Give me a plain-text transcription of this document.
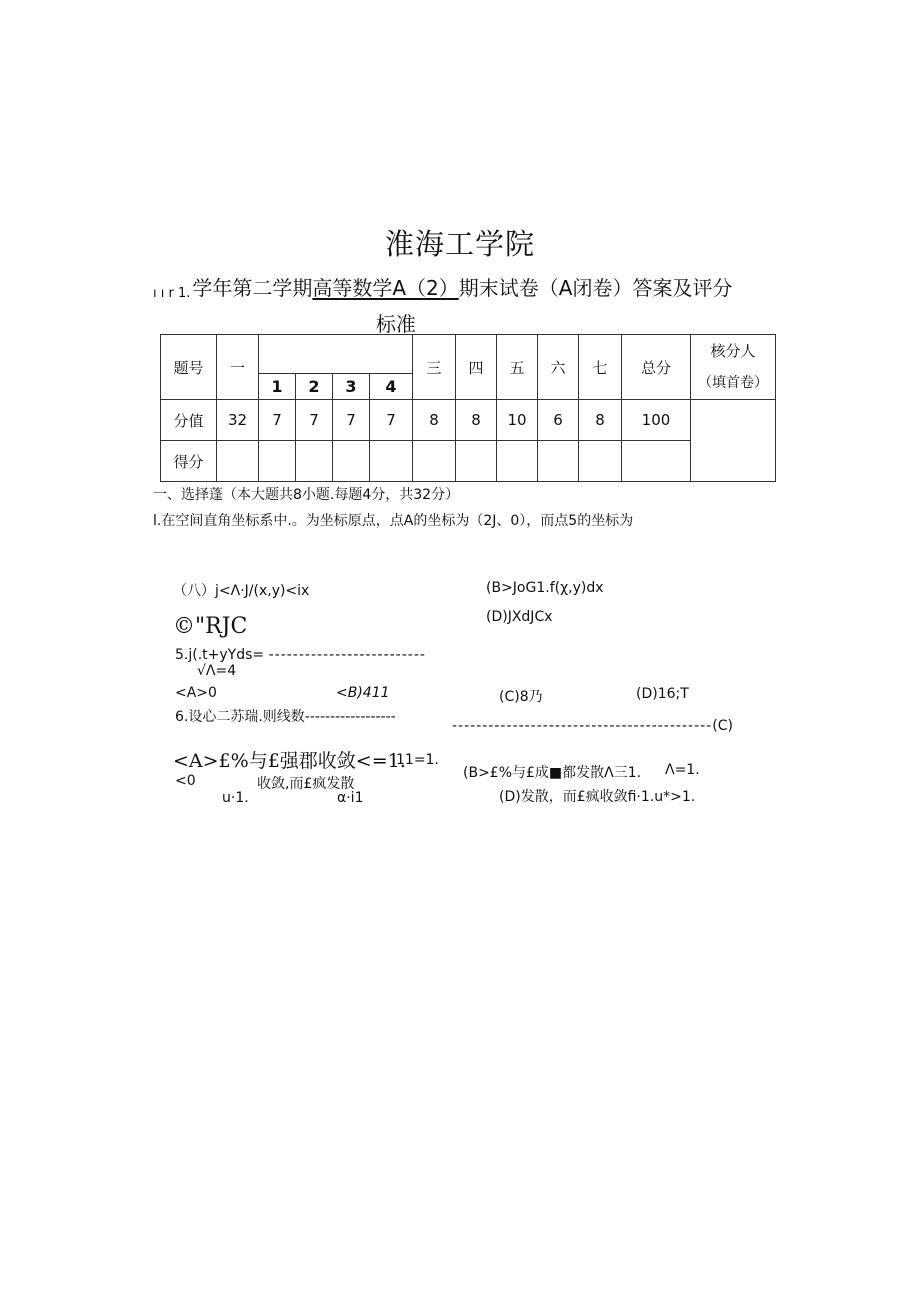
淮海工学院
ı ı r 1. 学年第二学期高等数学A（2）期末试卷（A闭卷）答案及评分
标准
题号	一					三	四	五	六	七	总分	核分人
（填首卷）

		1	2	3	4							
分值	32	7	7	7	7	8	8	10	6	8	100	
得分												
一、选择蓬（本大题共8小题.每题4分，共32分）
l.在空间直角坐标系中.。为坐标原点，点A的坐标为（2J、0），而点5的坐标为
（八）j<Λ·J/(x,y)<ix	(B>JoG1.f(χ,y)dx
©"RJC	(D)JXdJCx
5.j(.t+yYds= --------------------------
√Λ=4
<A>0	<B)411	(C)8乃	(D)16;T
6.设心二苏瑞.则线数------------------
-------------------------------------------(C)
<A>£%与£强郡收敛<=1.
11=1.
<0	收敛,而£疯发散
u·1.	α·i1
(B>£%与£成■都发散Λ三1. Λ=1.
(D)发散，而£疯收敛fi·1.u*>1.
